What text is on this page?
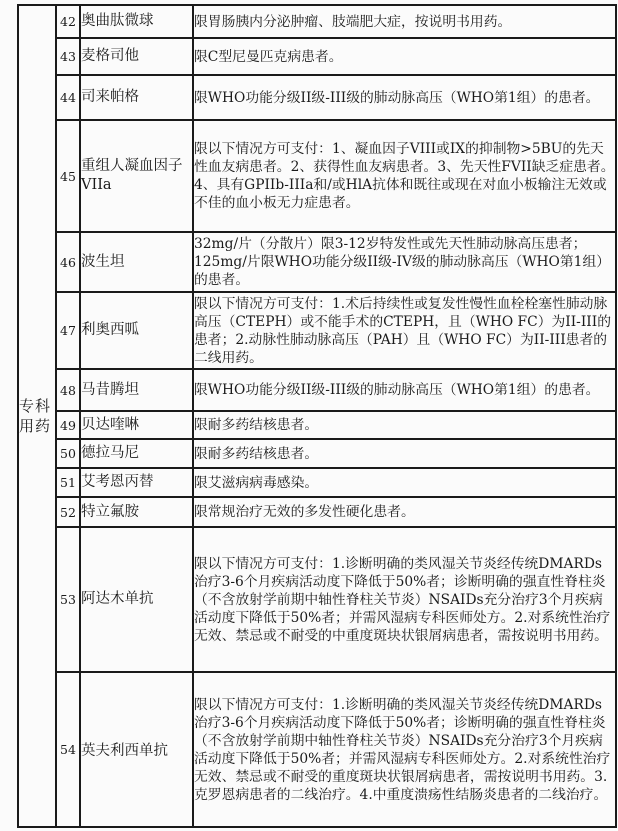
专科用药	42	奥曲肽微球	限胃肠胰内分泌肿瘤、肢端肥大症，按说明书用药。
	43	麦格司他	限C型尼曼匹克病患者。
	44	司来帕格	限WHO功能分级II级-III级的肺动脉高压（WHO第1组）的患者。
	45	重组人凝血因子VIIa	限以下情况方可支付：1、凝血因子VIII或IX的抑制物>5BU的先天性血友病患者。2、获得性血友病患者。3、先天性FVII缺乏症患者。4、具有GPIIb-IIIa和/或HlA抗体和既往或现在对血小板输注无效或不佳的血小板无力症患者。
	46	波生坦	32mg/片（分散片）限3-12岁特发性或先天性肺动脉高压患者；125mg/片限WHO功能分级II级-IV级的肺动脉高压（WHO第1组）的患者。
	47	利奥西呱	限以下情况方可支付：1.术后持续性或复发性慢性血栓栓塞性肺动脉高压（CTEPH）或不能手术的CTEPH，且（WHO FC）为II-III的患者；2.动脉性肺动脉高压（PAH）且（WHO FC）为II-III患者的二线用药。
	48	马昔腾坦	限WHO功能分级II级-III级的肺动脉高压（WHO第1组）的患者。
	49	贝达喹啉	限耐多药结核患者。
	50	德拉马尼	限耐多药结核患者。
	51	艾考恩丙替	限艾滋病病毒感染。
	52	特立氟胺	限常规治疗无效的多发性硬化患者。
	53	阿达木单抗	限以下情况方可支付：1.诊断明确的类风湿关节炎经传统DMARDs治疗3-6个月疾病活动度下降低于50%者；诊断明确的强直性脊柱炎（不含放射学前期中轴性脊柱关节炎）NSAIDs充分治疗3个月疾病活动度下降低于50%者；并需风湿病专科医师处方。2.对系统性治疗无效、禁忌或不耐受的中重度斑块状银屑病患者，需按说明书用药。
	54	英夫利西单抗	限以下情况方可支付：1.诊断明确的类风湿关节炎经传统DMARDs治疗3-6个月疾病活动度下降低于50%者；诊断明确的强直性脊柱炎（不含放射学前期中轴性脊柱关节炎）NSAIDs充分治疗3个月疾病活动度下降低于50%者；并需风湿病专科医师处方。2.对系统性治疗无效、禁忌或不耐受的重度斑块状银屑病患者，需按说明书用药。3.克罗恩病患者的二线治疗。4.中重度溃疡性结肠炎患者的二线治疗。
